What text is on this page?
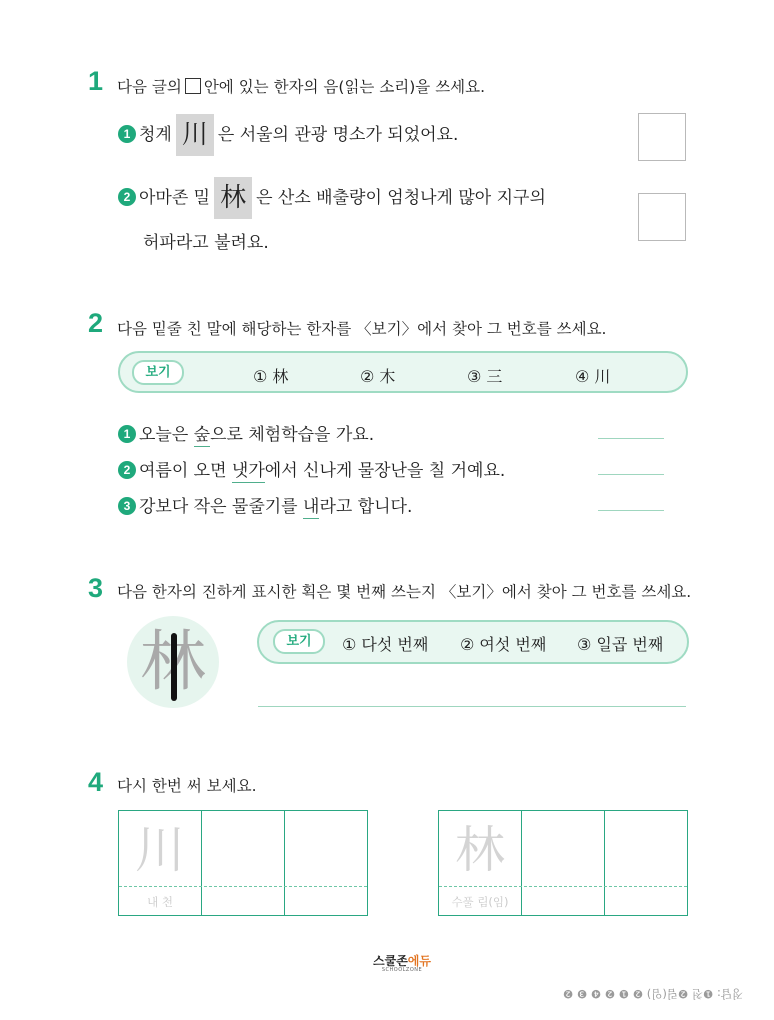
1 다음 글의 안에 있는 한자의 음(읽는 소리)을 쓰세요.
1 청계 川 은 서울의 관광 명소가 되었어요.
2 아마존 밀 林 은 산소 배출량이 엄청나게 많아 지구의
허파라고 불려요.
2 다음 밑줄 친 말에 해당하는 한자를 〈보기〉에서 찾아 그 번호를 쓰세요.
보기	① 林	② 木	③ 三	④ 川
1 오늘은 숲으로 체험학습을 가요.
2 여름이 오면 냇가에서 신나게 물장난을 칠 거예요.
3 강보다 작은 물줄기를 내라고 합니다.
3 다음 한자의 진하게 표시한 획은 몇 번째 쓰는지 〈보기〉에서 찾아 그 번호를 쓰세요.
林	보기	① 다섯 번째 ② 여섯 번째 ③ 일곱 번째
4 다시 한번 써 보세요.
川
내 천
林
수풀 림(임)
스쿨존에듀
SCHOOLZONE
정답: ❶천 ❷림(임) ❷ ❶ ❷ ❹ ❸ ❷
